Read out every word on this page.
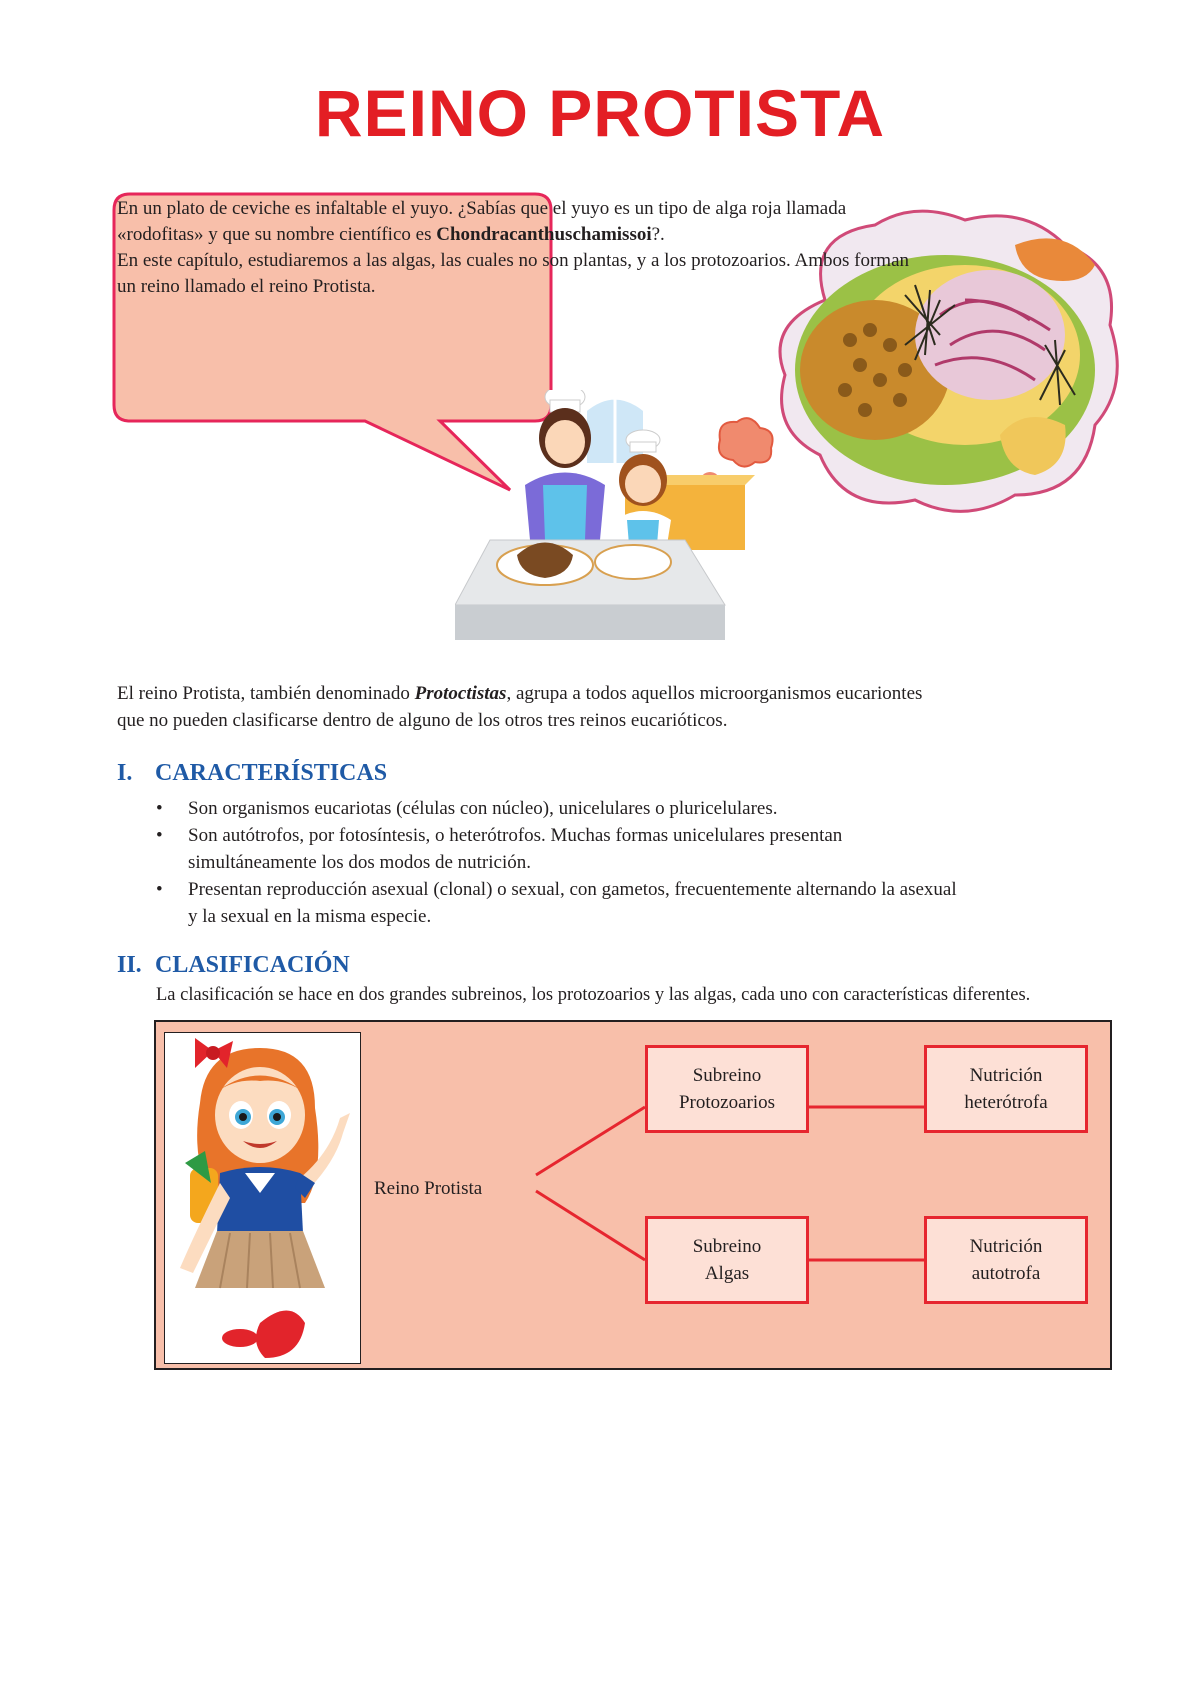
REINO PROTISTA

En un plato de ceviche es infaltable el yuyo. ¿Sabías que el yuyo es un tipo de alga roja llamada

«rodofitas» y que su nombre científico es Chondracanthuschamissoi?.

En este capítulo, estudiaremos a las algas, las cuales no son plantas, y a los protozoarios. Ambos forman

un reino llamado el reino Protista.

El reino Protista, también denominado Protoctistas, agrupa a todos aquellos microorganismos eucariontes

que no pueden clasificarse dentro de alguno de los otros tres reinos eucarióticos.

I. CARACTERÍSTICAS
• Son organismos eucariotas (células con núcleo), unicelulares o pluricelulares.
• Son autótrofos, por fotosíntesis, o heterótrofos. Muchas formas unicelulares presentan
simultáneamente los dos modos de nutrición.
• Presentan reproducción asexual (clonal) o sexual, con gametos, frecuentemente alternando la asexual
y la sexual en la misma especie.
II. CLASIFICACIÓN
La clasificación se hace en dos grandes subreinos, los protozoarios y las algas, cada uno con características diferentes.
Reino Protista
Subreino
Protozoarios
Nutrición
heterótrofa
Subreino
Algas
Nutrición
autotrofa
